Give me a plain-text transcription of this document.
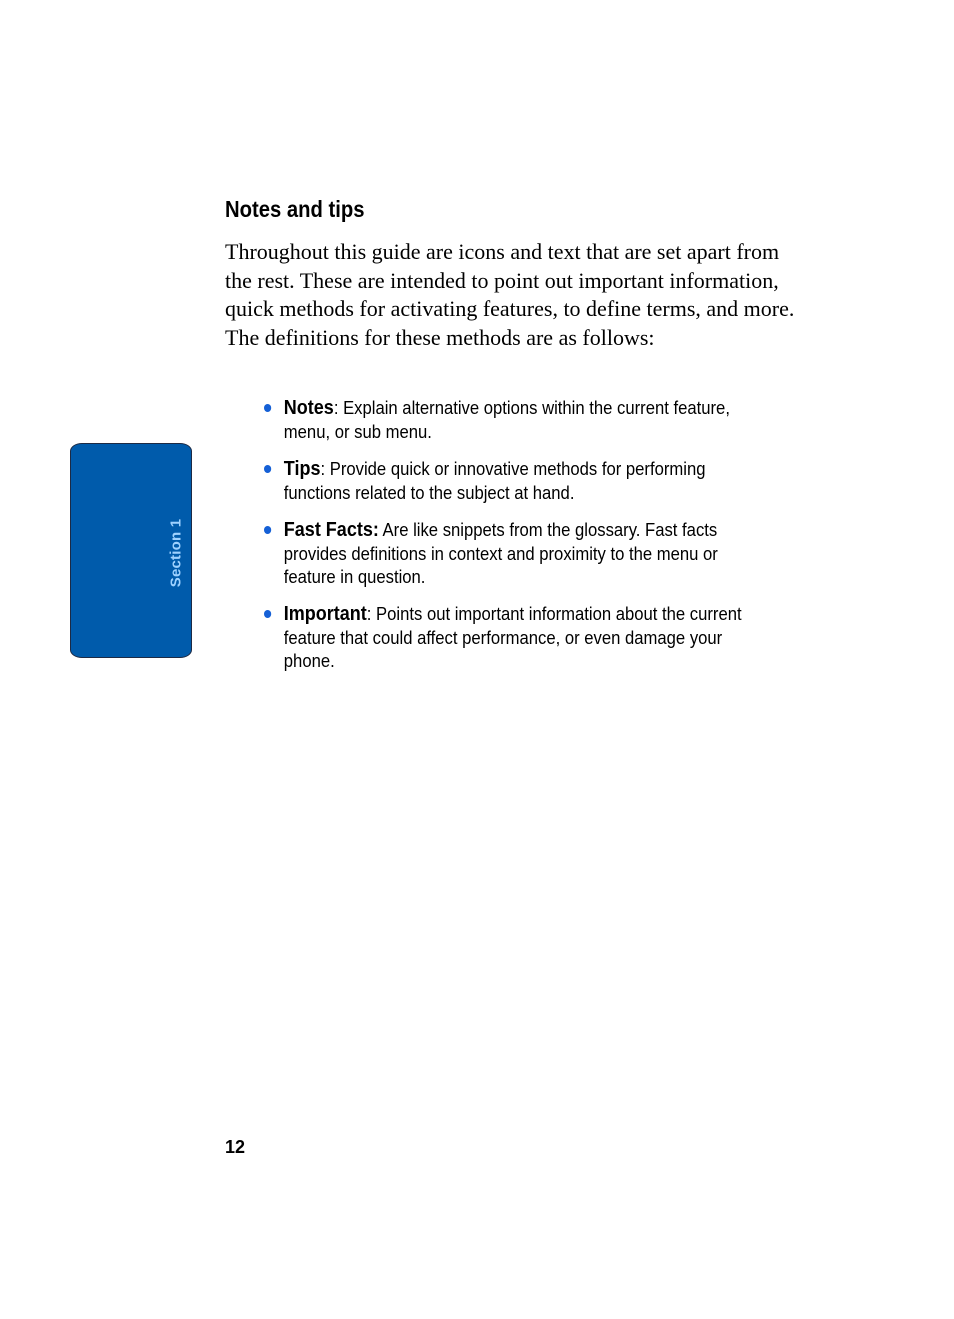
Section 1
Notes and tips

Throughout this guide are icons and text that are set apart from the rest. These are intended to point out important information, quick methods for activating features, to define terms, and more. The definitions for these methods are as follows:

Notes: Explain alternative options within the current feature, menu, or sub menu.
Tips: Provide quick or innovative methods for performing functions related to the subject at hand.
Fast Facts: Are like snippets from the glossary. Fast facts provides definitions in context and proximity to the menu or feature in question.
Important: Points out important information about the current feature that could affect performance, or even damage your phone.
12
